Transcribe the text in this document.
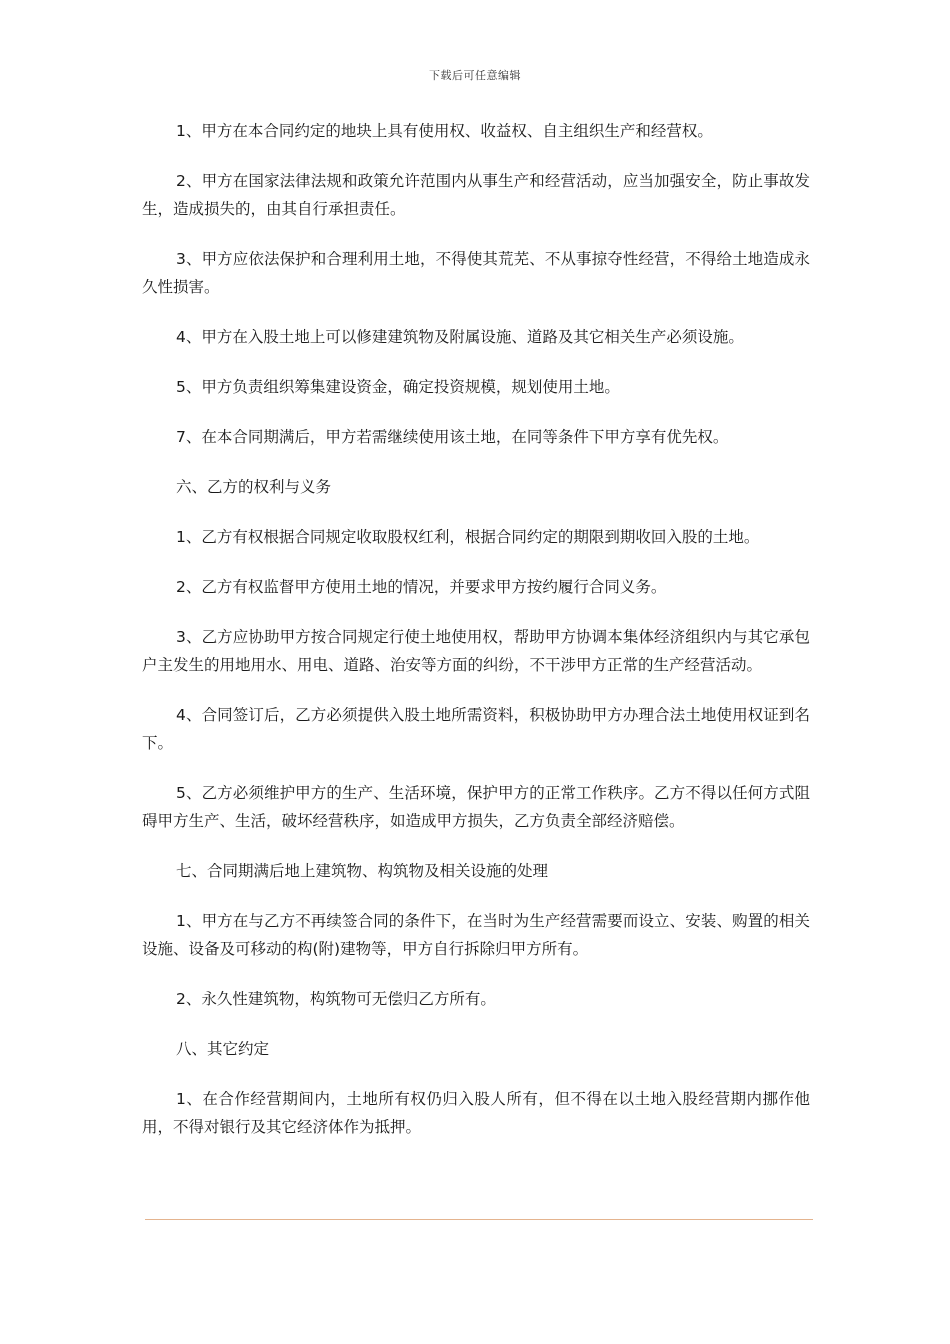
下载后可任意编辑

1、甲方在本合同约定的地块上具有使用权、收益权、自主组织生产和经营权。

2、甲方在国家法律法规和政策允许范围内从事生产和经营活动，应当加强安全，防止事故发生，造成损失的，由其自行承担责任。

3、甲方应依法保护和合理利用土地，不得使其荒芜、不从事掠夺性经营，不得给土地造成永久性损害。

4、甲方在入股土地上可以修建建筑物及附属设施、道路及其它相关生产必须设施。

5、甲方负责组织筹集建设资金，确定投资规模，规划使用土地。

7、在本合同期满后，甲方若需继续使用该土地，在同等条件下甲方享有优先权。

六、乙方的权利与义务

1、乙方有权根据合同规定收取股权红利，根据合同约定的期限到期收回入股的土地。

2、乙方有权监督甲方使用土地的情况，并要求甲方按约履行合同义务。

3、乙方应协助甲方按合同规定行使土地使用权，帮助甲方协调本集体经济组织内与其它承包户主发生的用地用水、用电、道路、治安等方面的纠纷，不干涉甲方正常的生产经营活动。

4、合同签订后，乙方必须提供入股土地所需资料，积极协助甲方办理合法土地使用权证到名下。

5、乙方必须维护甲方的生产、生活环境，保护甲方的正常工作秩序。乙方不得以任何方式阻碍甲方生产、生活，破坏经营秩序，如造成甲方损失，乙方负责全部经济赔偿。

七、合同期满后地上建筑物、构筑物及相关设施的处理

1、甲方在与乙方不再续签合同的条件下，在当时为生产经营需要而设立、安装、购置的相关设施、设备及可移动的构(附)建物等，甲方自行拆除归甲方所有。

2、永久性建筑物，构筑物可无偿归乙方所有。

八、其它约定

1、在合作经营期间内，土地所有权仍归入股人所有，但不得在以土地入股经营期内挪作他用，不得对银行及其它经济体作为抵押。
